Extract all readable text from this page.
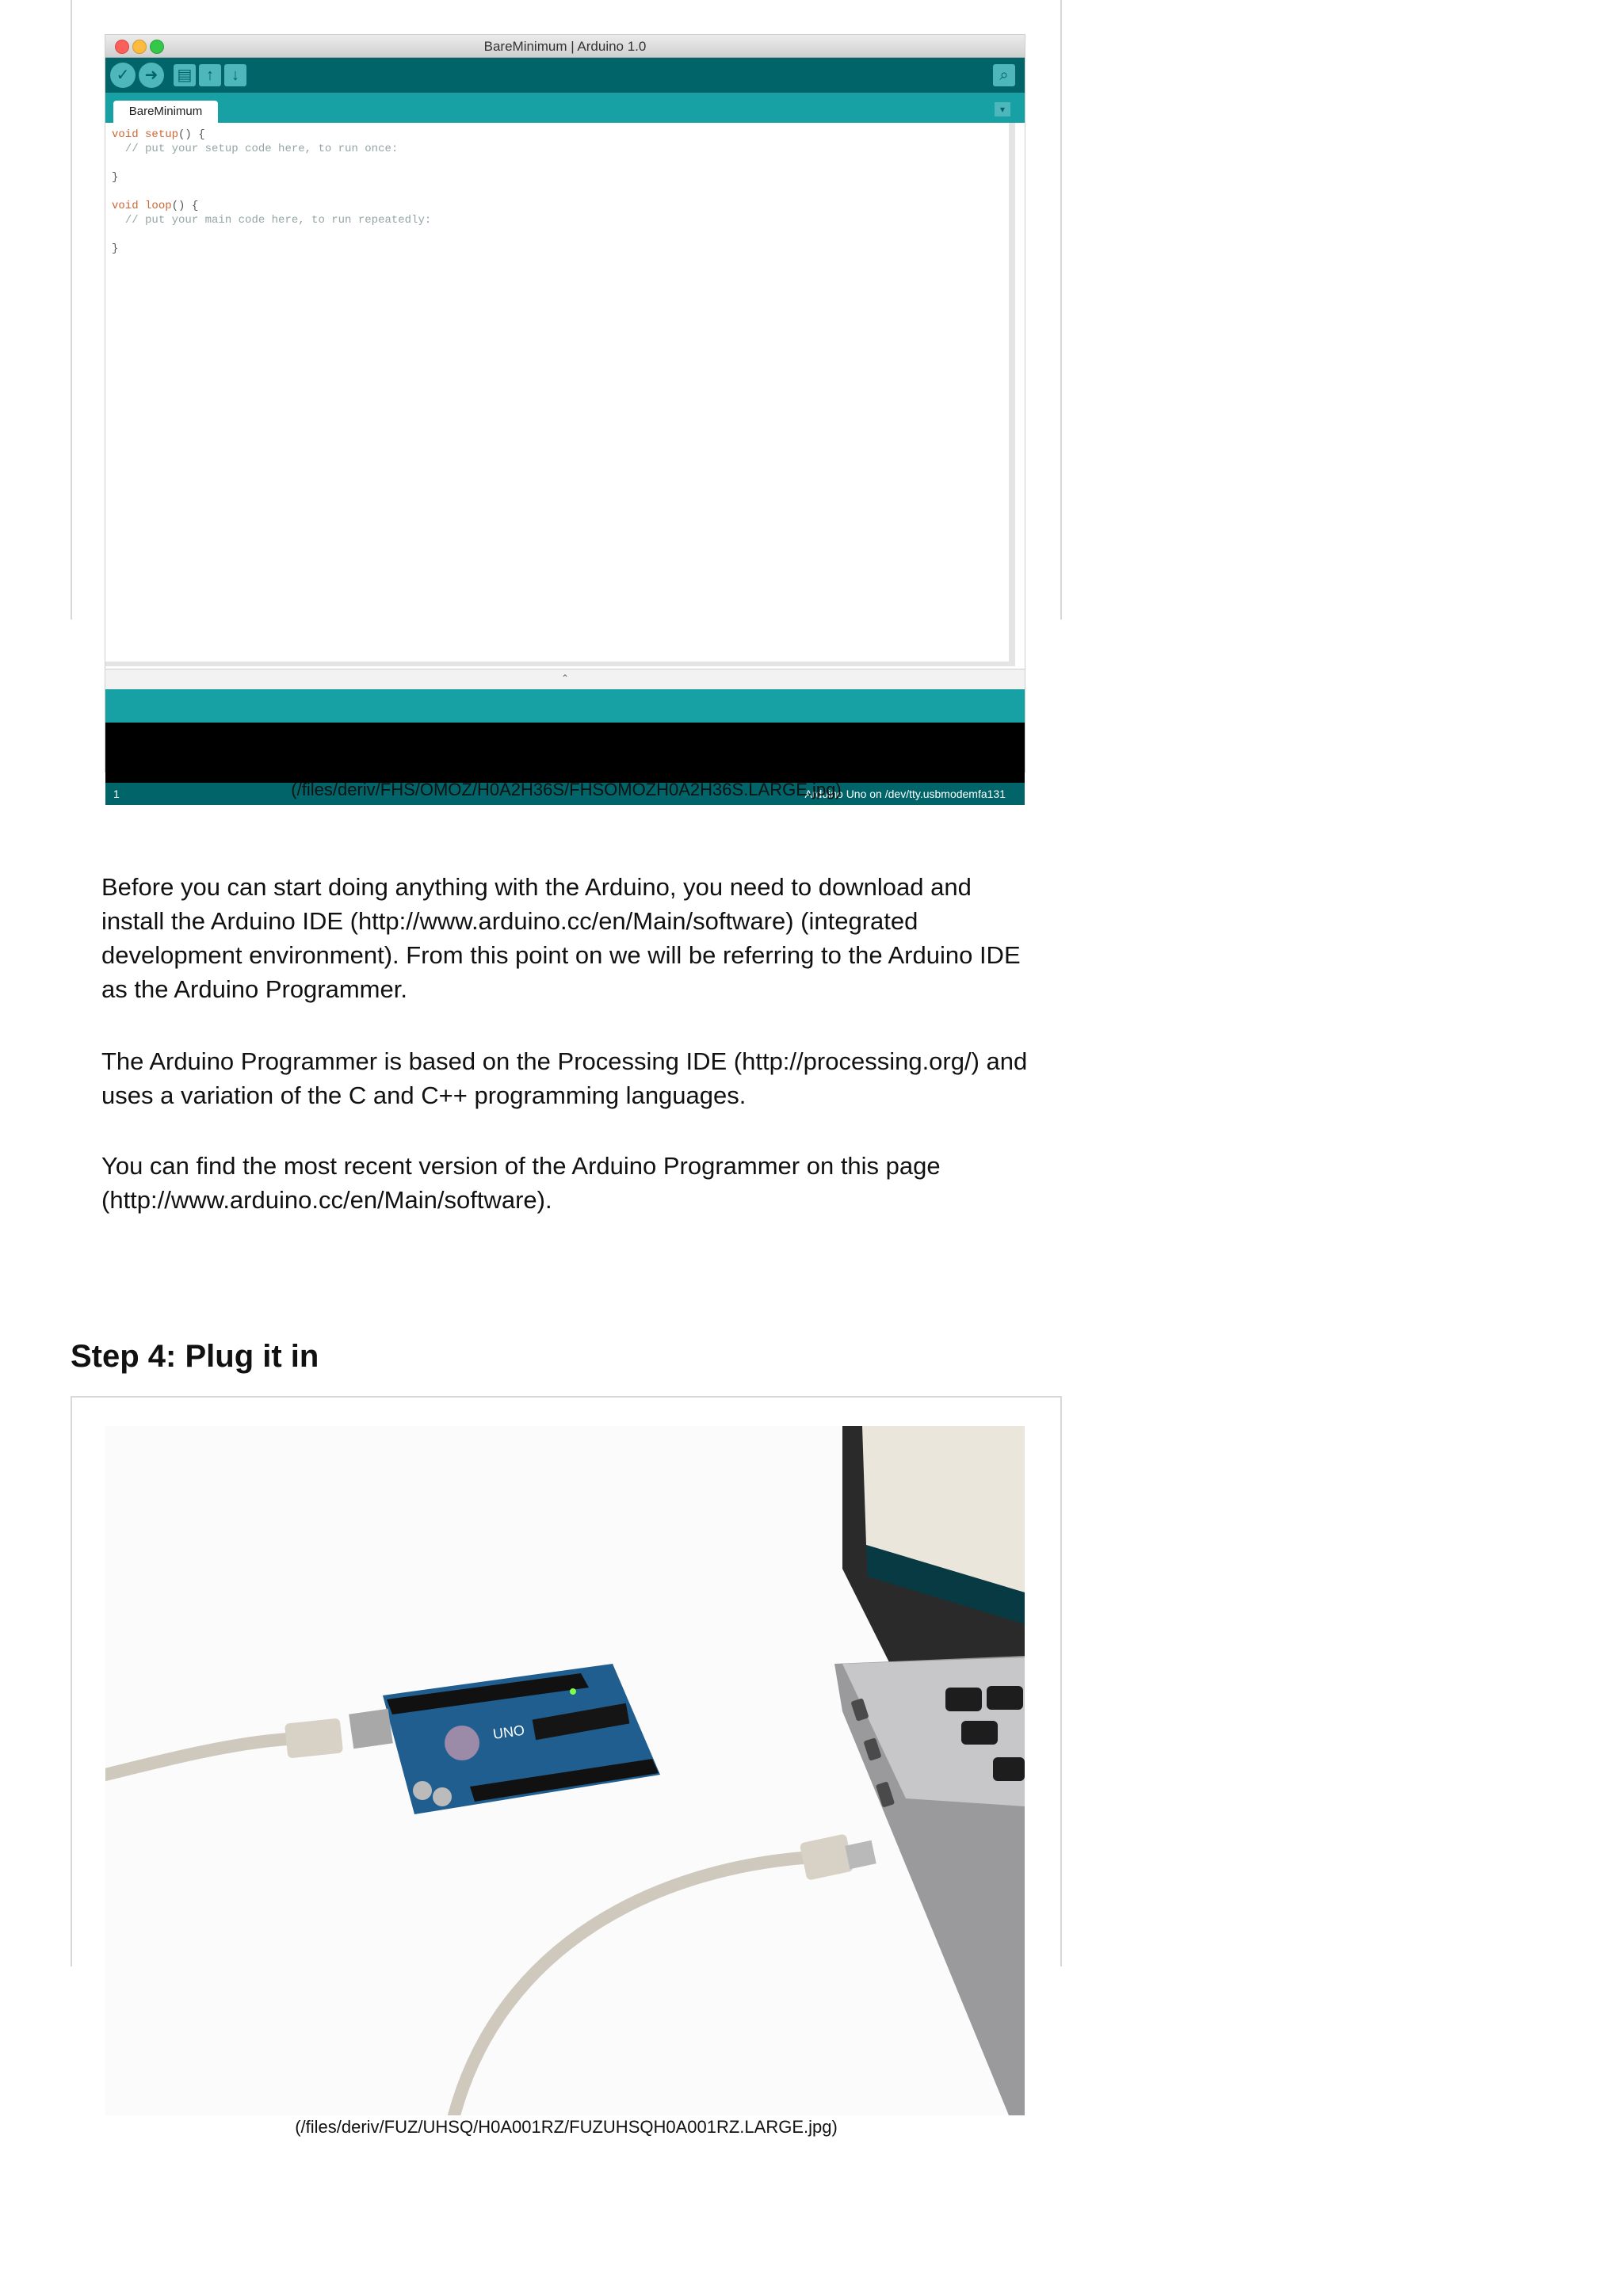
BareMinimum | Arduino 1.0
✓ ➜	▤ ↑	↓	⌕
BareMinimum	▾
void setup() {
// put your setup code here, to run once:

}

void loop() {
// put your main code here, to run repeatedly:

}
⌃
1	Arduino Uno on /dev/tty.usbmodemfa131
(/files/deriv/FHS/OMOZ/H0A2H36S/FHSOMOZH0A2H36S.LARGE.jpg)

Before you can start doing anything with the Arduino, you need to download and install the Arduino IDE (http://www.arduino.cc/en/Main/software) (integrated development environment). From this point on we will be referring to the Arduino IDE as the Arduino Programmer.

The Arduino Programmer is based on the Processing IDE (http://processing.org/) and uses a variation of the C and C++ programming languages.

You can find the most recent version of the Arduino Programmer on this page (http://www.arduino.cc/en/Main/software).

Step 4: Plug it in
UNO
(/files/deriv/FUZ/UHSQ/H0A001RZ/FUZUHSQH0A001RZ.LARGE.jpg)
